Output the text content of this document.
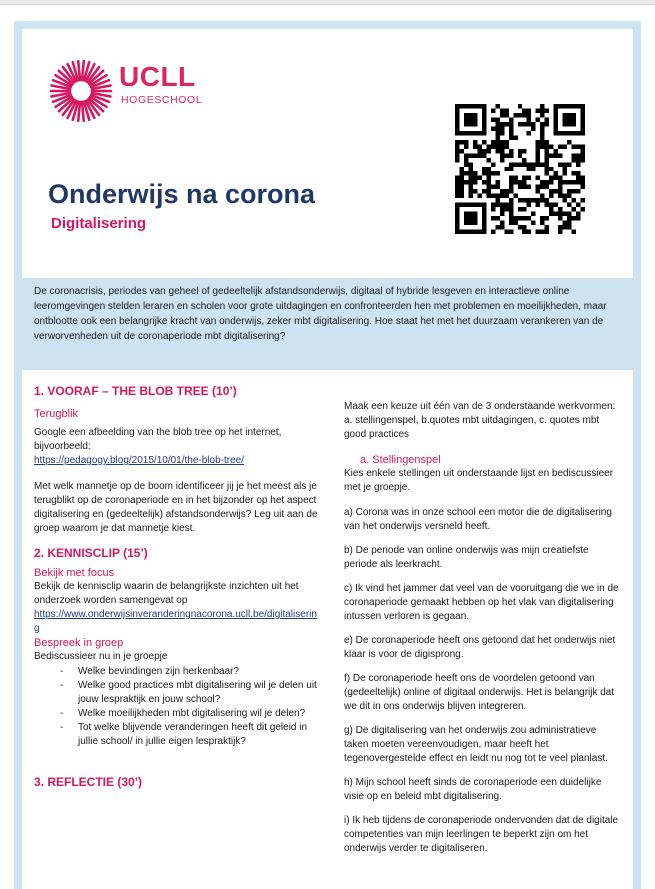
UCLL
HOGESCHOOL
Onderwijs na corona
Digitalisering
De coronacrisis, periodes van geheel of gedeeltelijk afstandsonderwijs, digitaal of hybride lesgeven en interactieve online leeromgevingen stelden leraren en scholen voor grote uitdagingen en confronteerden hen met problemen en moeilijkheden, maar ontblootte ook een belangrijke kracht van onderwijs, zeker mbt digitalisering. Hoe staat het met het duurzaam verankeren van de verworvenheden uit de coronaperiode mbt digitalisering?

1. VOORAF – THE BLOB TREE (10’)

Terugblik

Google een afbeelding van the blob tree op het internet, bijvoorbeeld:

https://pedagogy.blog/2015/10/01/the-blob-tree/

Met welk mannetje op de boom identificeer jij je het meest als je terugblikt op de coronaperiode en in het bijzonder op het aspect digitalisering en (gedeeltelijk) afstandsonderwijs? Leg uit aan de groep waarom je dat mannetje kiest.

2. KENNISCLIP (15’)

Bekijk met focus

Bekijk de kennisclip waarin de belangrijkste inzichten uit het onderzoek worden samengevat op

https://www.onderwijsinveranderingnacorona.ucll.be/digitalisering

Bespreek in groep

Bediscussieer nu in je groepje

- Welke bevindingen zijn herkenbaar?
- Welke good practices mbt digitalisering wil je delen uit jouw lespraktijk en jouw school?
- Welke moeilijkheden mbt digitalisering wil je delen?
- Tot welke blijvende veranderingen heeft dit geleid in jullie school/ in jullie eigen lespraktijk?

3. REFLECTIE (30’)

Maak een keuze uit één van de 3 onderstaande werkvormen: a. stellingenspel, b.quotes mbt uitdagingen, c. quotes mbt good practices

a. Stellingenspel

Kies enkele stellingen uit onderstaande lijst en bediscussieer met je groepje.

a) Corona was in onze school een motor die de digitalisering van het onderwijs versneld heeft.

b) De periode van online onderwijs was mijn creatiefste periode als leerkracht.

c) Ik vind het jammer dat veel van de vooruitgang die we in de coronaperiode gemaakt hebben op het vlak van digitalisering intussen verloren is gegaan.

e) De coronaperiode heeft ons getoond dat het onderwijs niet klaar is voor de digisprong.

f) De coronaperiode heeft ons de voordelen getoond van (gedeeltelijk) online of digitaal onderwijs. Het is belangrijk dat we dit in ons onderwijs blijven integreren.

g) De digitalisering van het onderwijs zou administratieve taken moeten vereenvoudigen, maar heeft het tegenovergestelde effect en leidt nu nog tot te veel planlast.

h) Mijn school heeft sinds de coronaperiode een duidelijke visie op en beleid mbt digitalisering.

i) Ik heb tijdens de coronaperiode ondervonden dat de digitale competenties van mijn leerlingen te beperkt zijn om het onderwijs verder te digitaliseren.
